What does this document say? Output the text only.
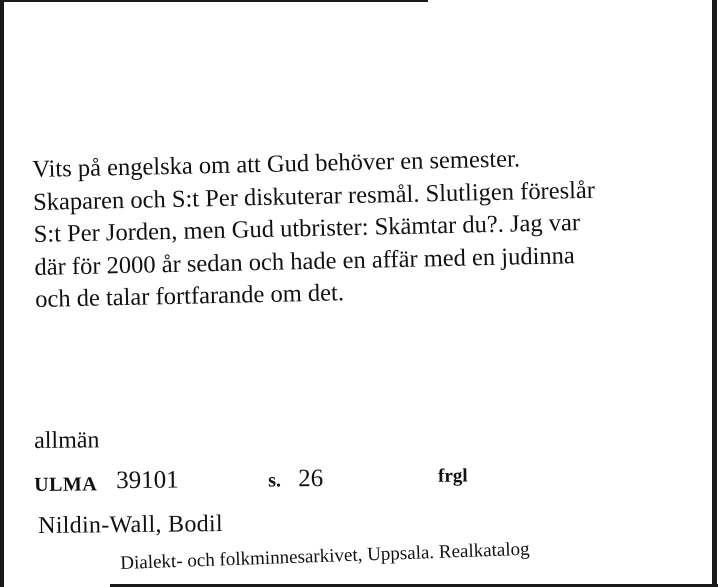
Vits på engelska om att Gud behöver en semester.
Skaparen och S:t Per diskuterar resmål. Slutligen föreslår
S:t Per Jorden, men Gud utbrister: Skämtar du?. Jag var
där för 2000 år sedan och hade en affär med en judinna
och de talar fortfarande om det.
allmän
ULMA 39101	s. 26	frgl
Nildin-Wall, Bodil
Dialekt- och folkminnesarkivet, Uppsala. Realkatalog
